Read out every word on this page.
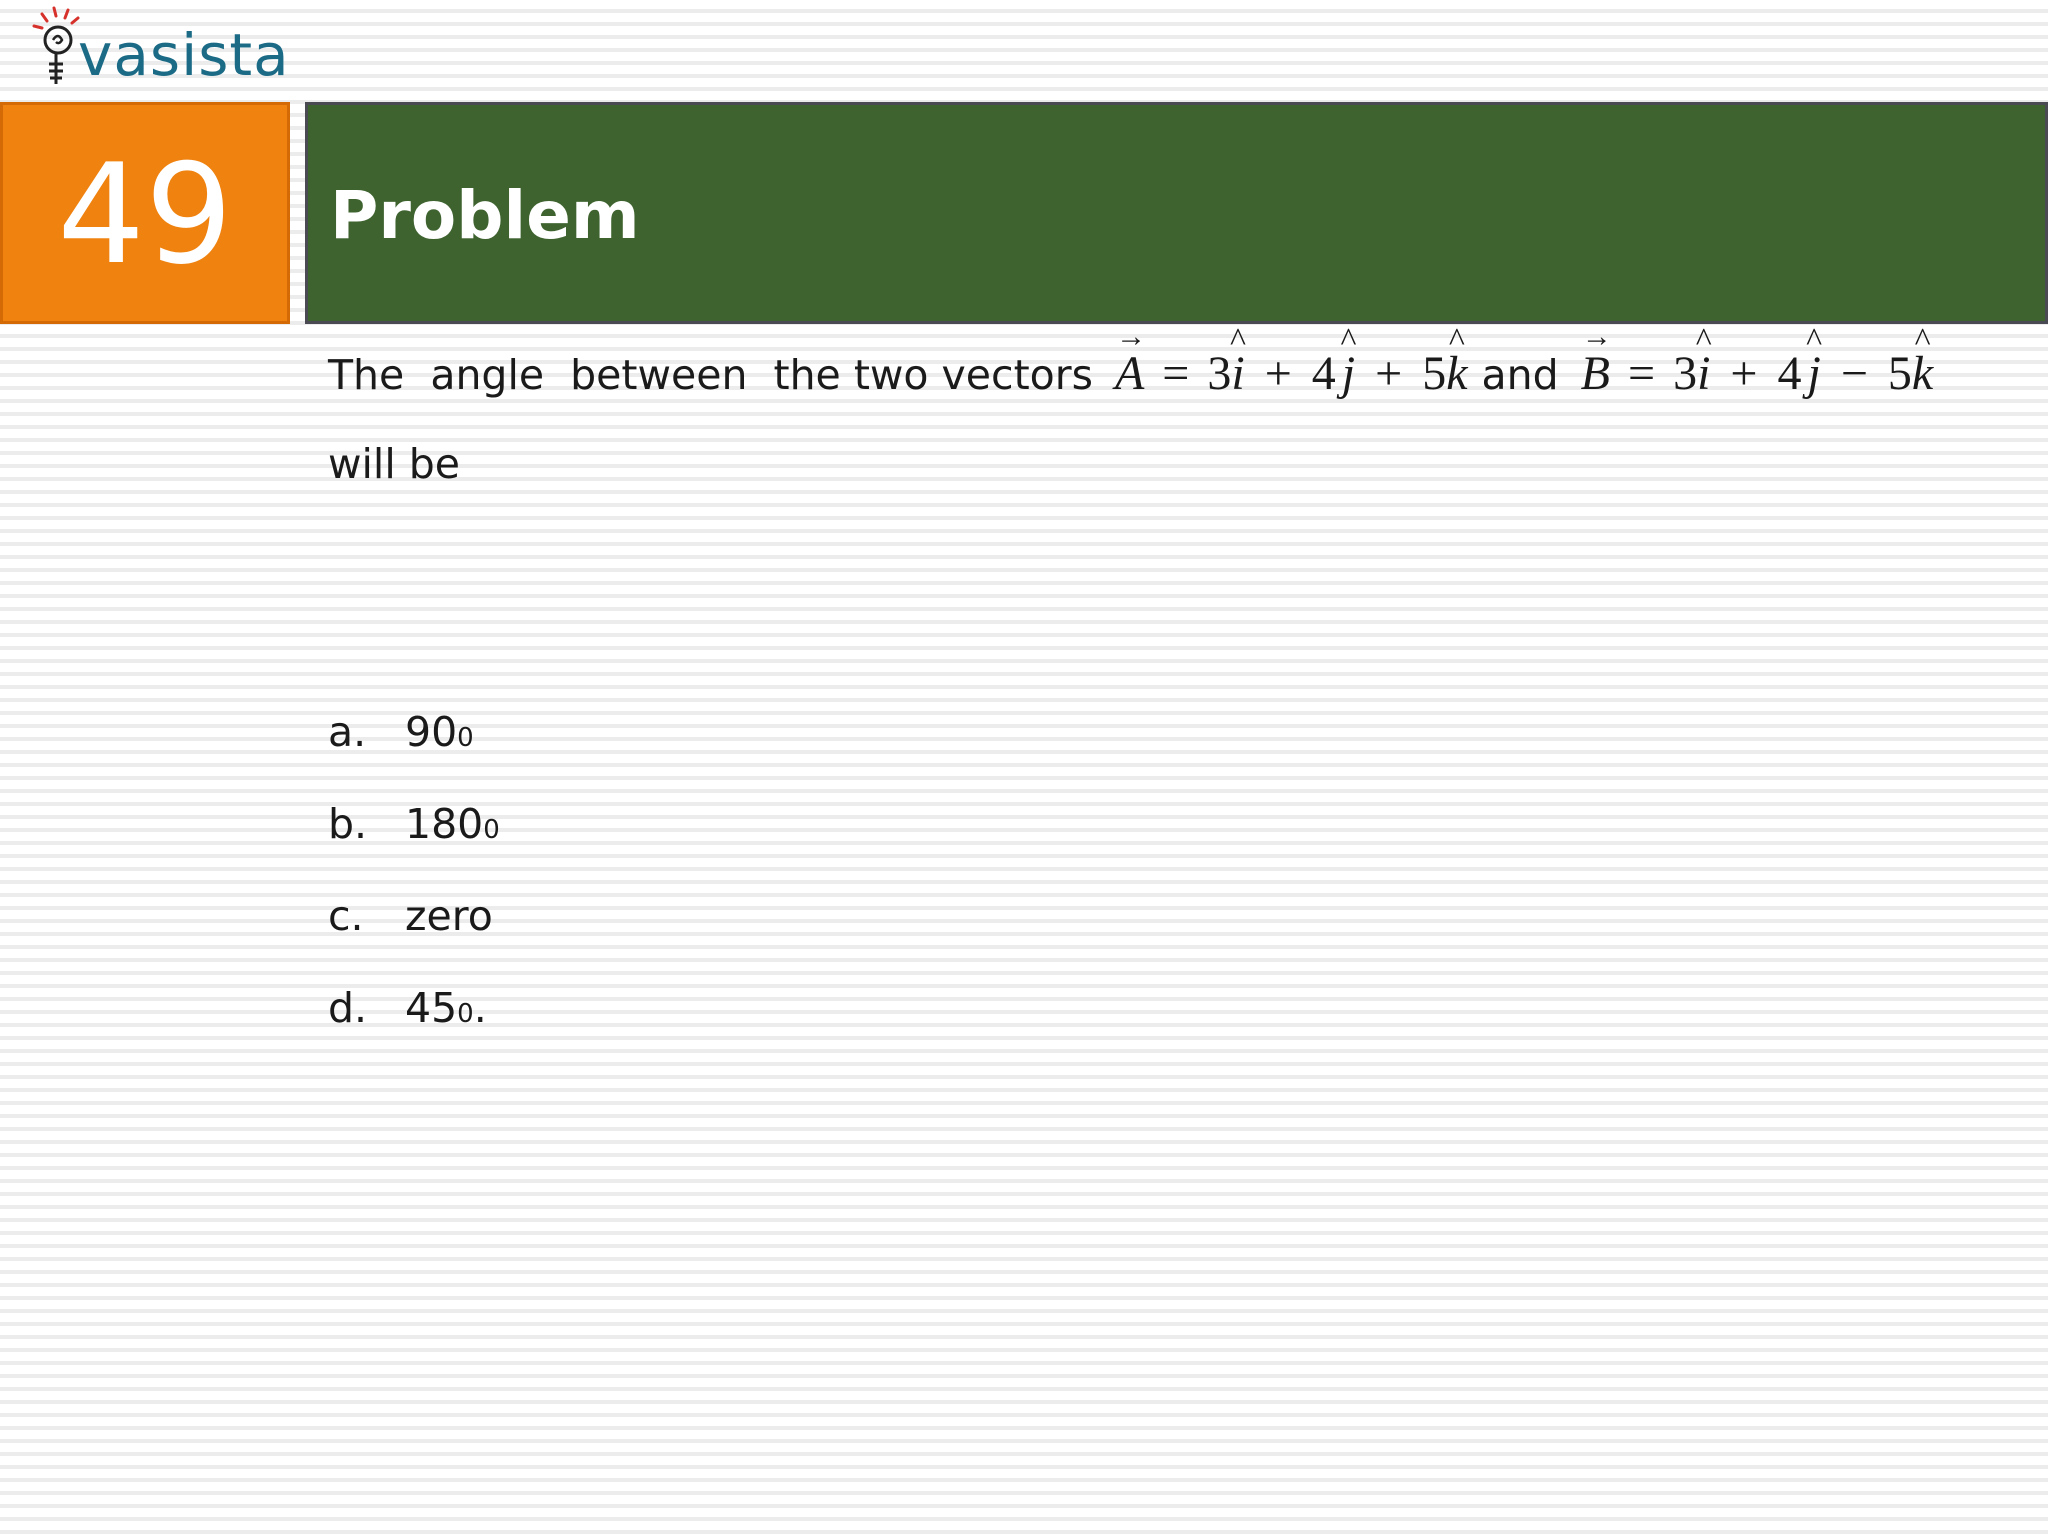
vasista
49 Problem
The  angle  between  the two vectors A → = 3i ^ + 4 j ^ + 5k ^ and B → = 3i ^ + 4 j ^ − 5k ^
will be
a. 90 0
b. 180 0
c.	zero
d. 45 0 .
